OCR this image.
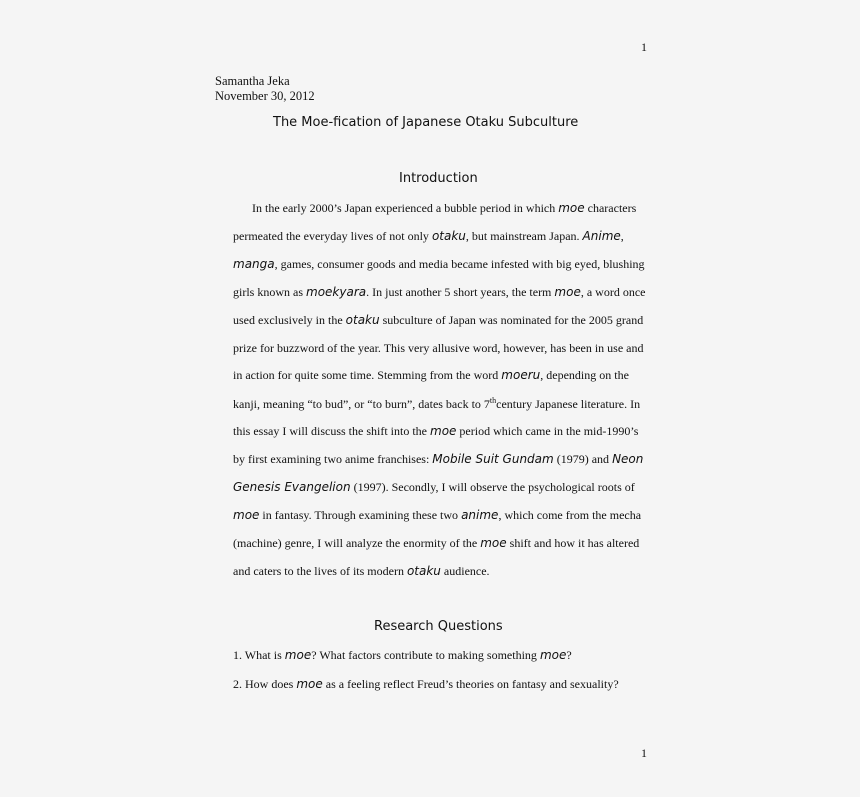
1
Samantha Jeka
November 30, 2012
The Moe-fication of Japanese Otaku Subculture
Introduction
In the early 2000’s Japan experienced a bubble period in which moe characters
permeated the everyday lives of not only otaku, but mainstream Japan. Anime,
manga, games, consumer goods and media became infested with big eyed, blushing
girls known as moekyara. In just another 5 short years, the term moe, a word once
used exclusively in the otaku subculture of Japan was nominated for the 2005 grand
prize for buzzword of the year. This very allusive word, however, has been in use and
in action for quite some time. Stemming from the word moeru, depending on the
kanji, meaning “to bud”, or “to burn”, dates back to 7thcentury Japanese literature. In
this essay I will discuss the shift into the moe period which came in the mid-1990’s
by first examining two anime franchises: Mobile Suit Gundam (1979) and Neon
Genesis Evangelion (1997). Secondly, I will observe the psychological roots of
moe in fantasy. Through examining these two anime, which come from the mecha
(machine) genre, I will analyze the enormity of the moe shift and how it has altered
and caters to the lives of its modern otaku audience.
Research Questions
1. What is moe? What factors contribute to making something moe?
2. How does moe as a feeling reflect Freud’s theories on fantasy and sexuality?
1
